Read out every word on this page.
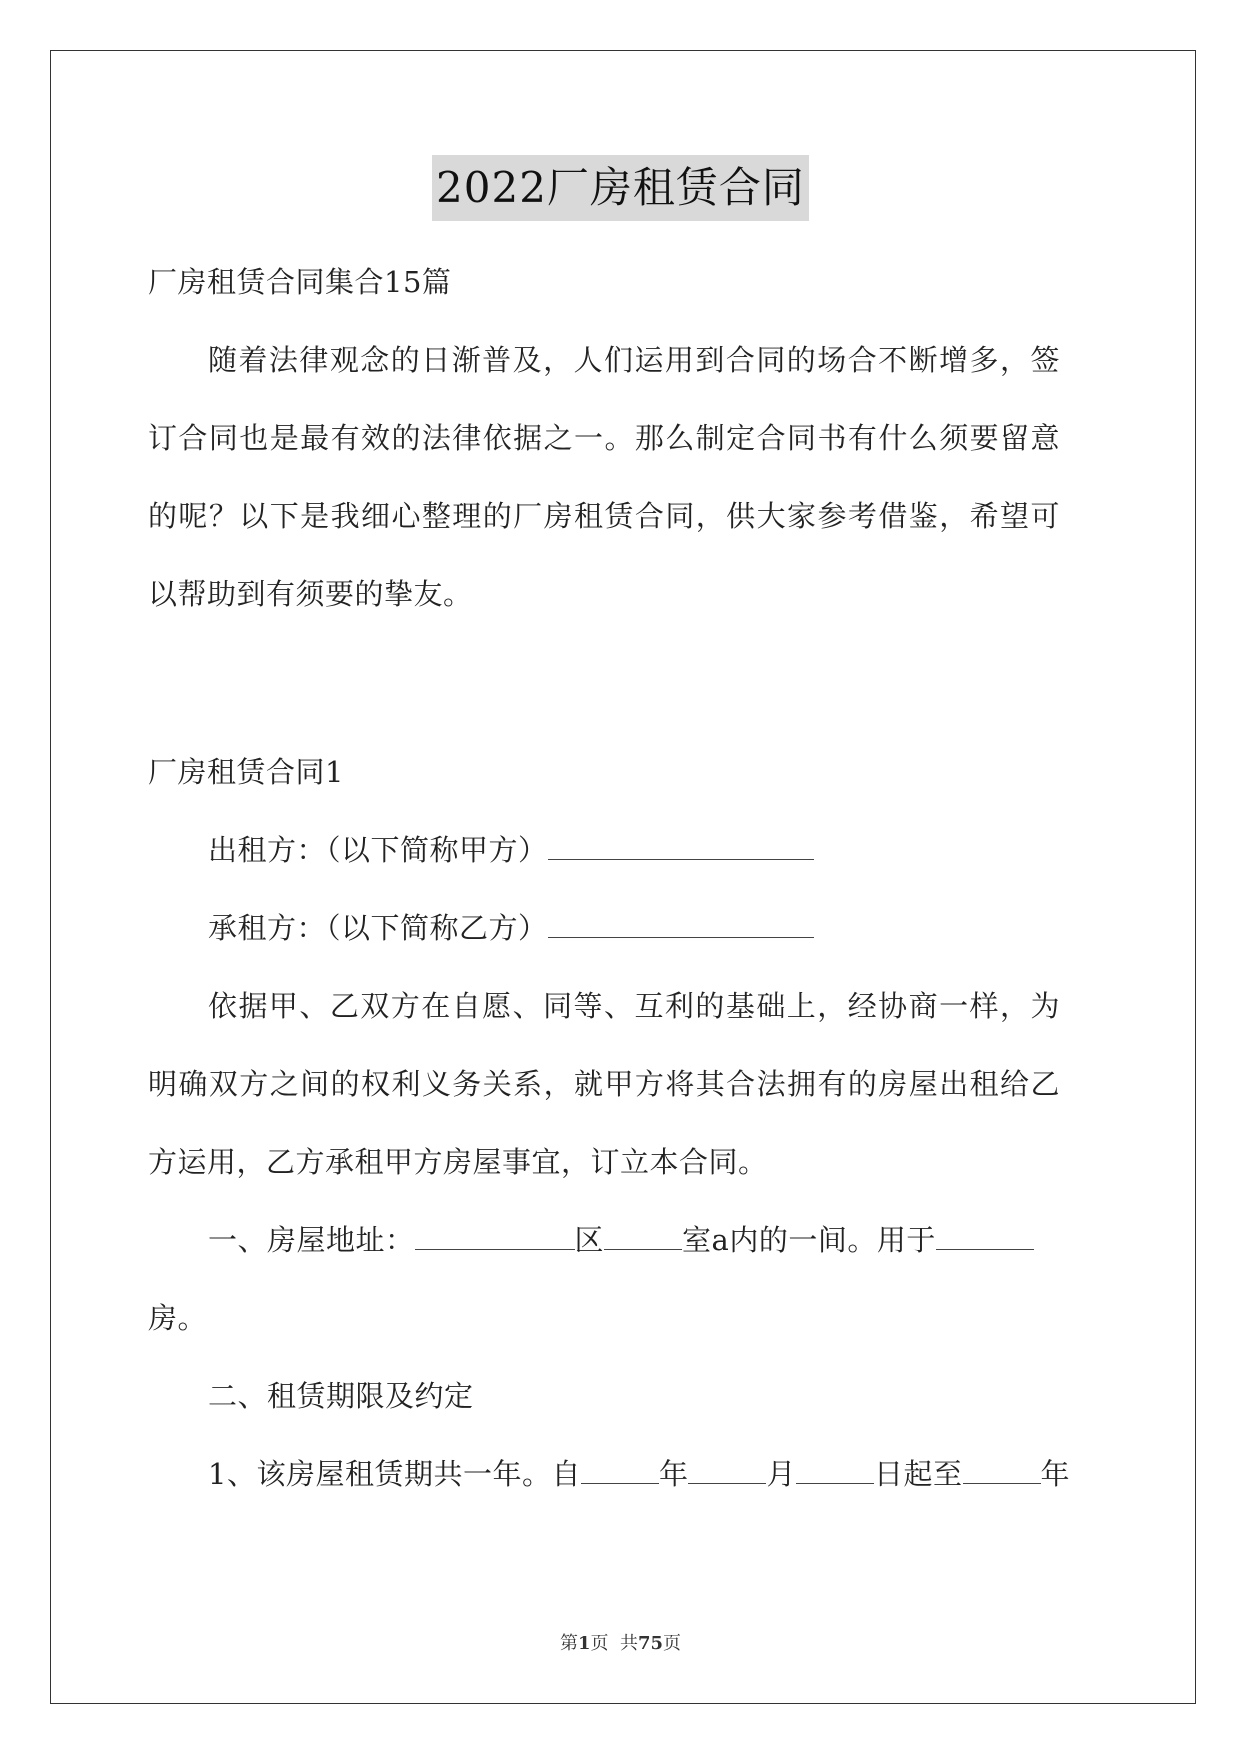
2022厂房租赁合同
厂房租赁合同集合15篇
随着法律观念的日渐普及，人们运用到合同的场合不断增多，签
订合同也是最有效的法律依据之一。那么制定合同书有什么须要留意
的呢？以下是我细心整理的厂房租赁合同，供大家参考借鉴，希望可
以帮助到有须要的挚友。
厂房租赁合同1
出租方：（以下简称甲方）
承租方：（以下简称乙方）
依据甲、乙双方在自愿、同等、互利的基础上，经协商一样，为
明确双方之间的权利义务关系，就甲方将其合法拥有的房屋出租给乙
方运用，乙方承租甲方房屋事宜，订立本合同。
一、房屋地址：	区	室a内的一间。用于
房。
二、租赁期限及约定
1、该房屋租赁期共一年。自	年	月	日起至	年
第1页  共75页
